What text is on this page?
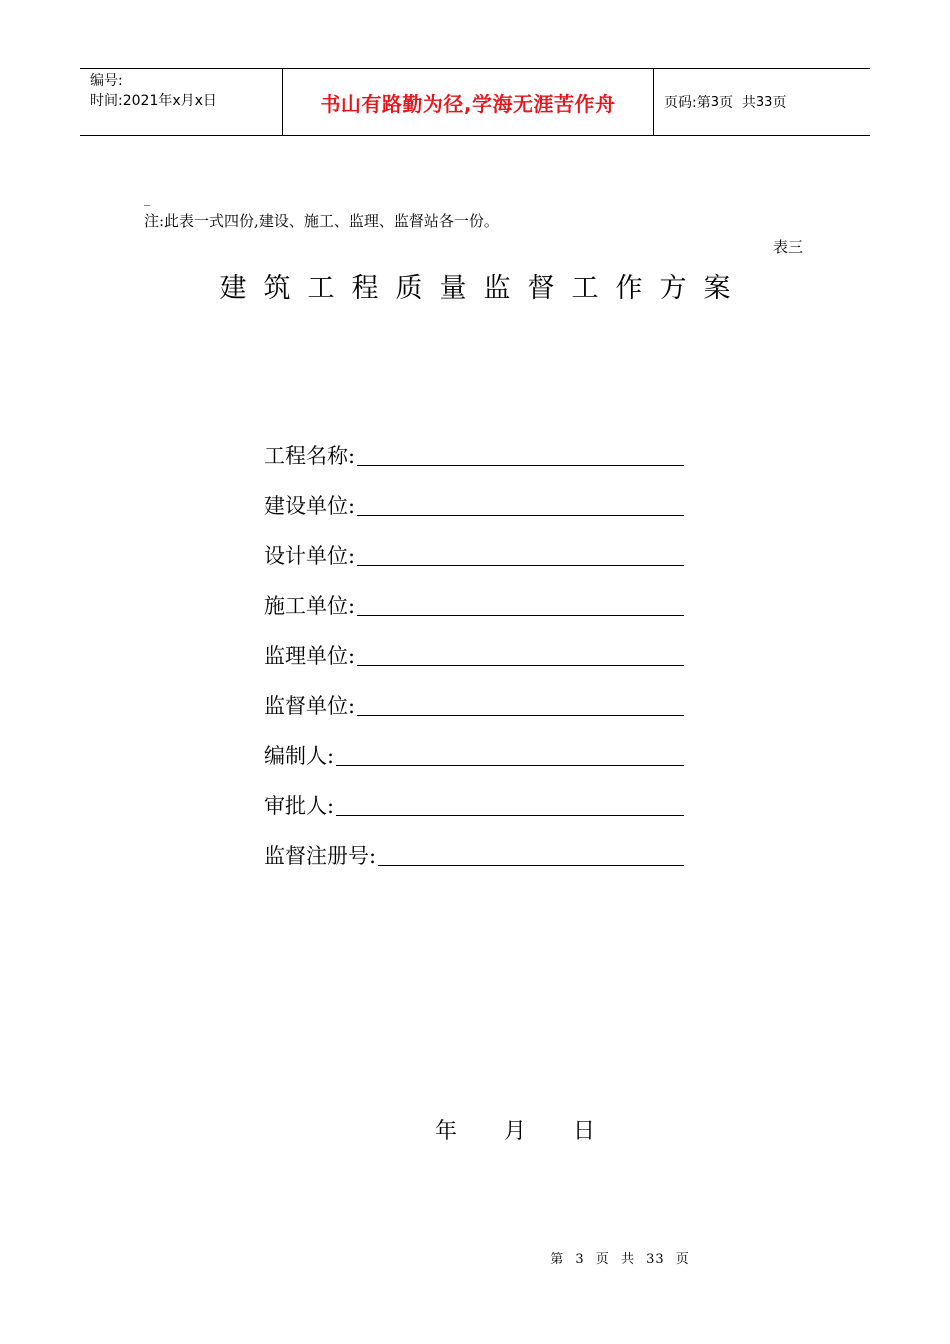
编号:
时间:2021年x月x日	书山有路勤为径,学海无涯苦作舟	页码:第 3 页  共 33 页
_
注:此表一式四份,建设、施工、监理、监督站各一份。
表三
建筑工程质量监督工作方案
工程名称:
建设单位:
设计单位:
施工单位:
监理单位:
监督单位:
编制人:
审批人:
监督注册号:
年 月 日
第 3 页 共 33 页
